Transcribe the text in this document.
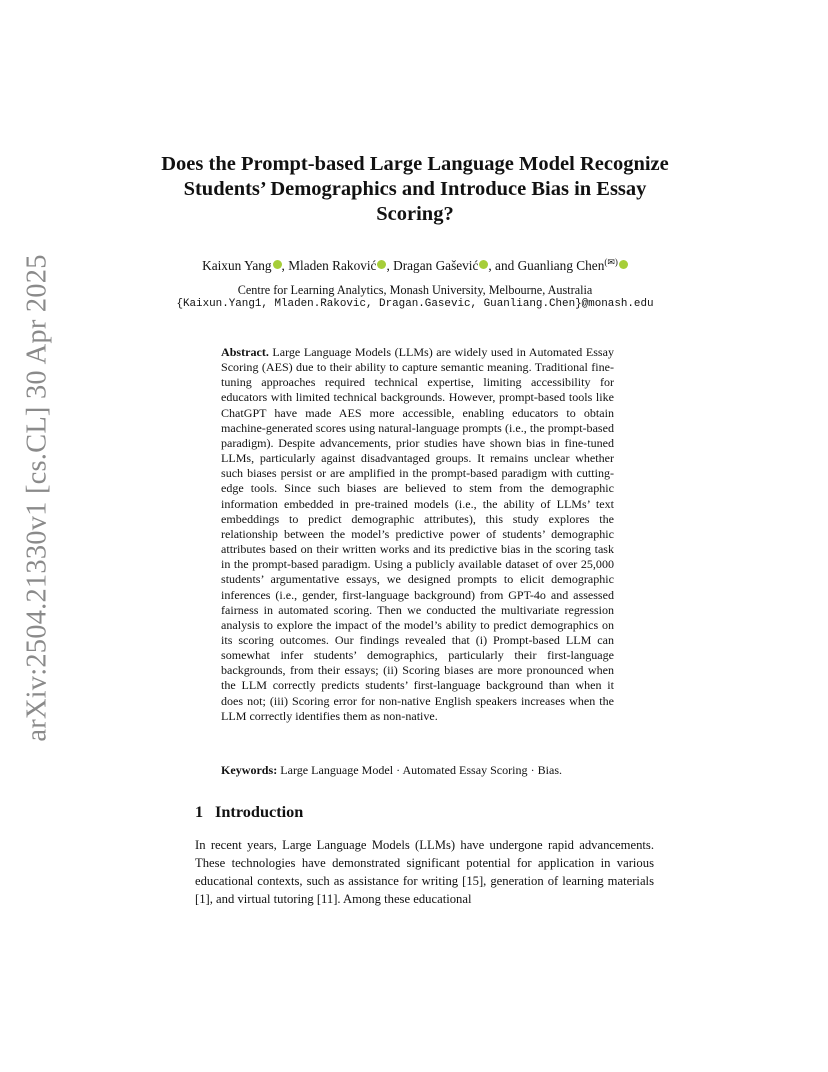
arXiv:2504.21330v1 [cs.CL] 30 Apr 2025
Does the Prompt-based Large Language Model Recognize Students’ Demographics and Introduce Bias in Essay Scoring?
Kaixun Yang , Mladen Raković , Dragan Gašević , and Guanliang Chen(✉)
Centre for Learning Analytics, Monash University, Melbourne, Australia
{Kaixun.Yang1, Mladen.Rakovic, Dragan.Gasevic, Guanliang.Chen}@monash.edu

Abstract. Large Language Models (LLMs) are widely used in Automated Essay Scoring (AES) due to their ability to capture semantic meaning. Traditional fine-tuning approaches required technical expertise, limiting accessibility for educators with limited technical backgrounds. However, prompt-based tools like ChatGPT have made AES more accessible, enabling educators to obtain machine-generated scores using natural-language prompts (i.e., the prompt-based paradigm). Despite advancements, prior studies have shown bias in fine-tuned LLMs, particularly against disadvantaged groups. It remains unclear whether such biases persist or are amplified in the prompt-based paradigm with cutting-edge tools. Since such biases are believed to stem from the demographic information embedded in pre-trained models (i.e., the ability of LLMs’ text embeddings to predict demographic attributes), this study explores the relationship between the model’s predictive power of students’ demographic attributes based on their written works and its predictive bias in the scoring task in the prompt-based paradigm. Using a publicly available dataset of over 25,000 students’ argumentative essays, we designed prompts to elicit demographic inferences (i.e., gender, first-language background) from GPT-4o and assessed fairness in automated scoring. Then we conducted the multivariate regression analysis to explore the impact of the model’s ability to predict demographics on its scoring outcomes. Our findings revealed that (i) Prompt-based LLM can somewhat infer students’ demographics, particularly their first-language backgrounds, from their essays; (ii) Scoring biases are more pronounced when the LLM correctly predicts students’ first-language background than when it does not; (iii) Scoring error for non-native English speakers increases when the LLM correctly identifies them as non-native.

Keywords: Large Language Model · Automated Essay Scoring · Bias.
1 Introduction

In recent years, Large Language Models (LLMs) have undergone rapid advancements. These technologies have demonstrated significant potential for application in various educational contexts, such as assistance for writing [15], generation of learning materials [1], and virtual tutoring [11]. Among these educational
